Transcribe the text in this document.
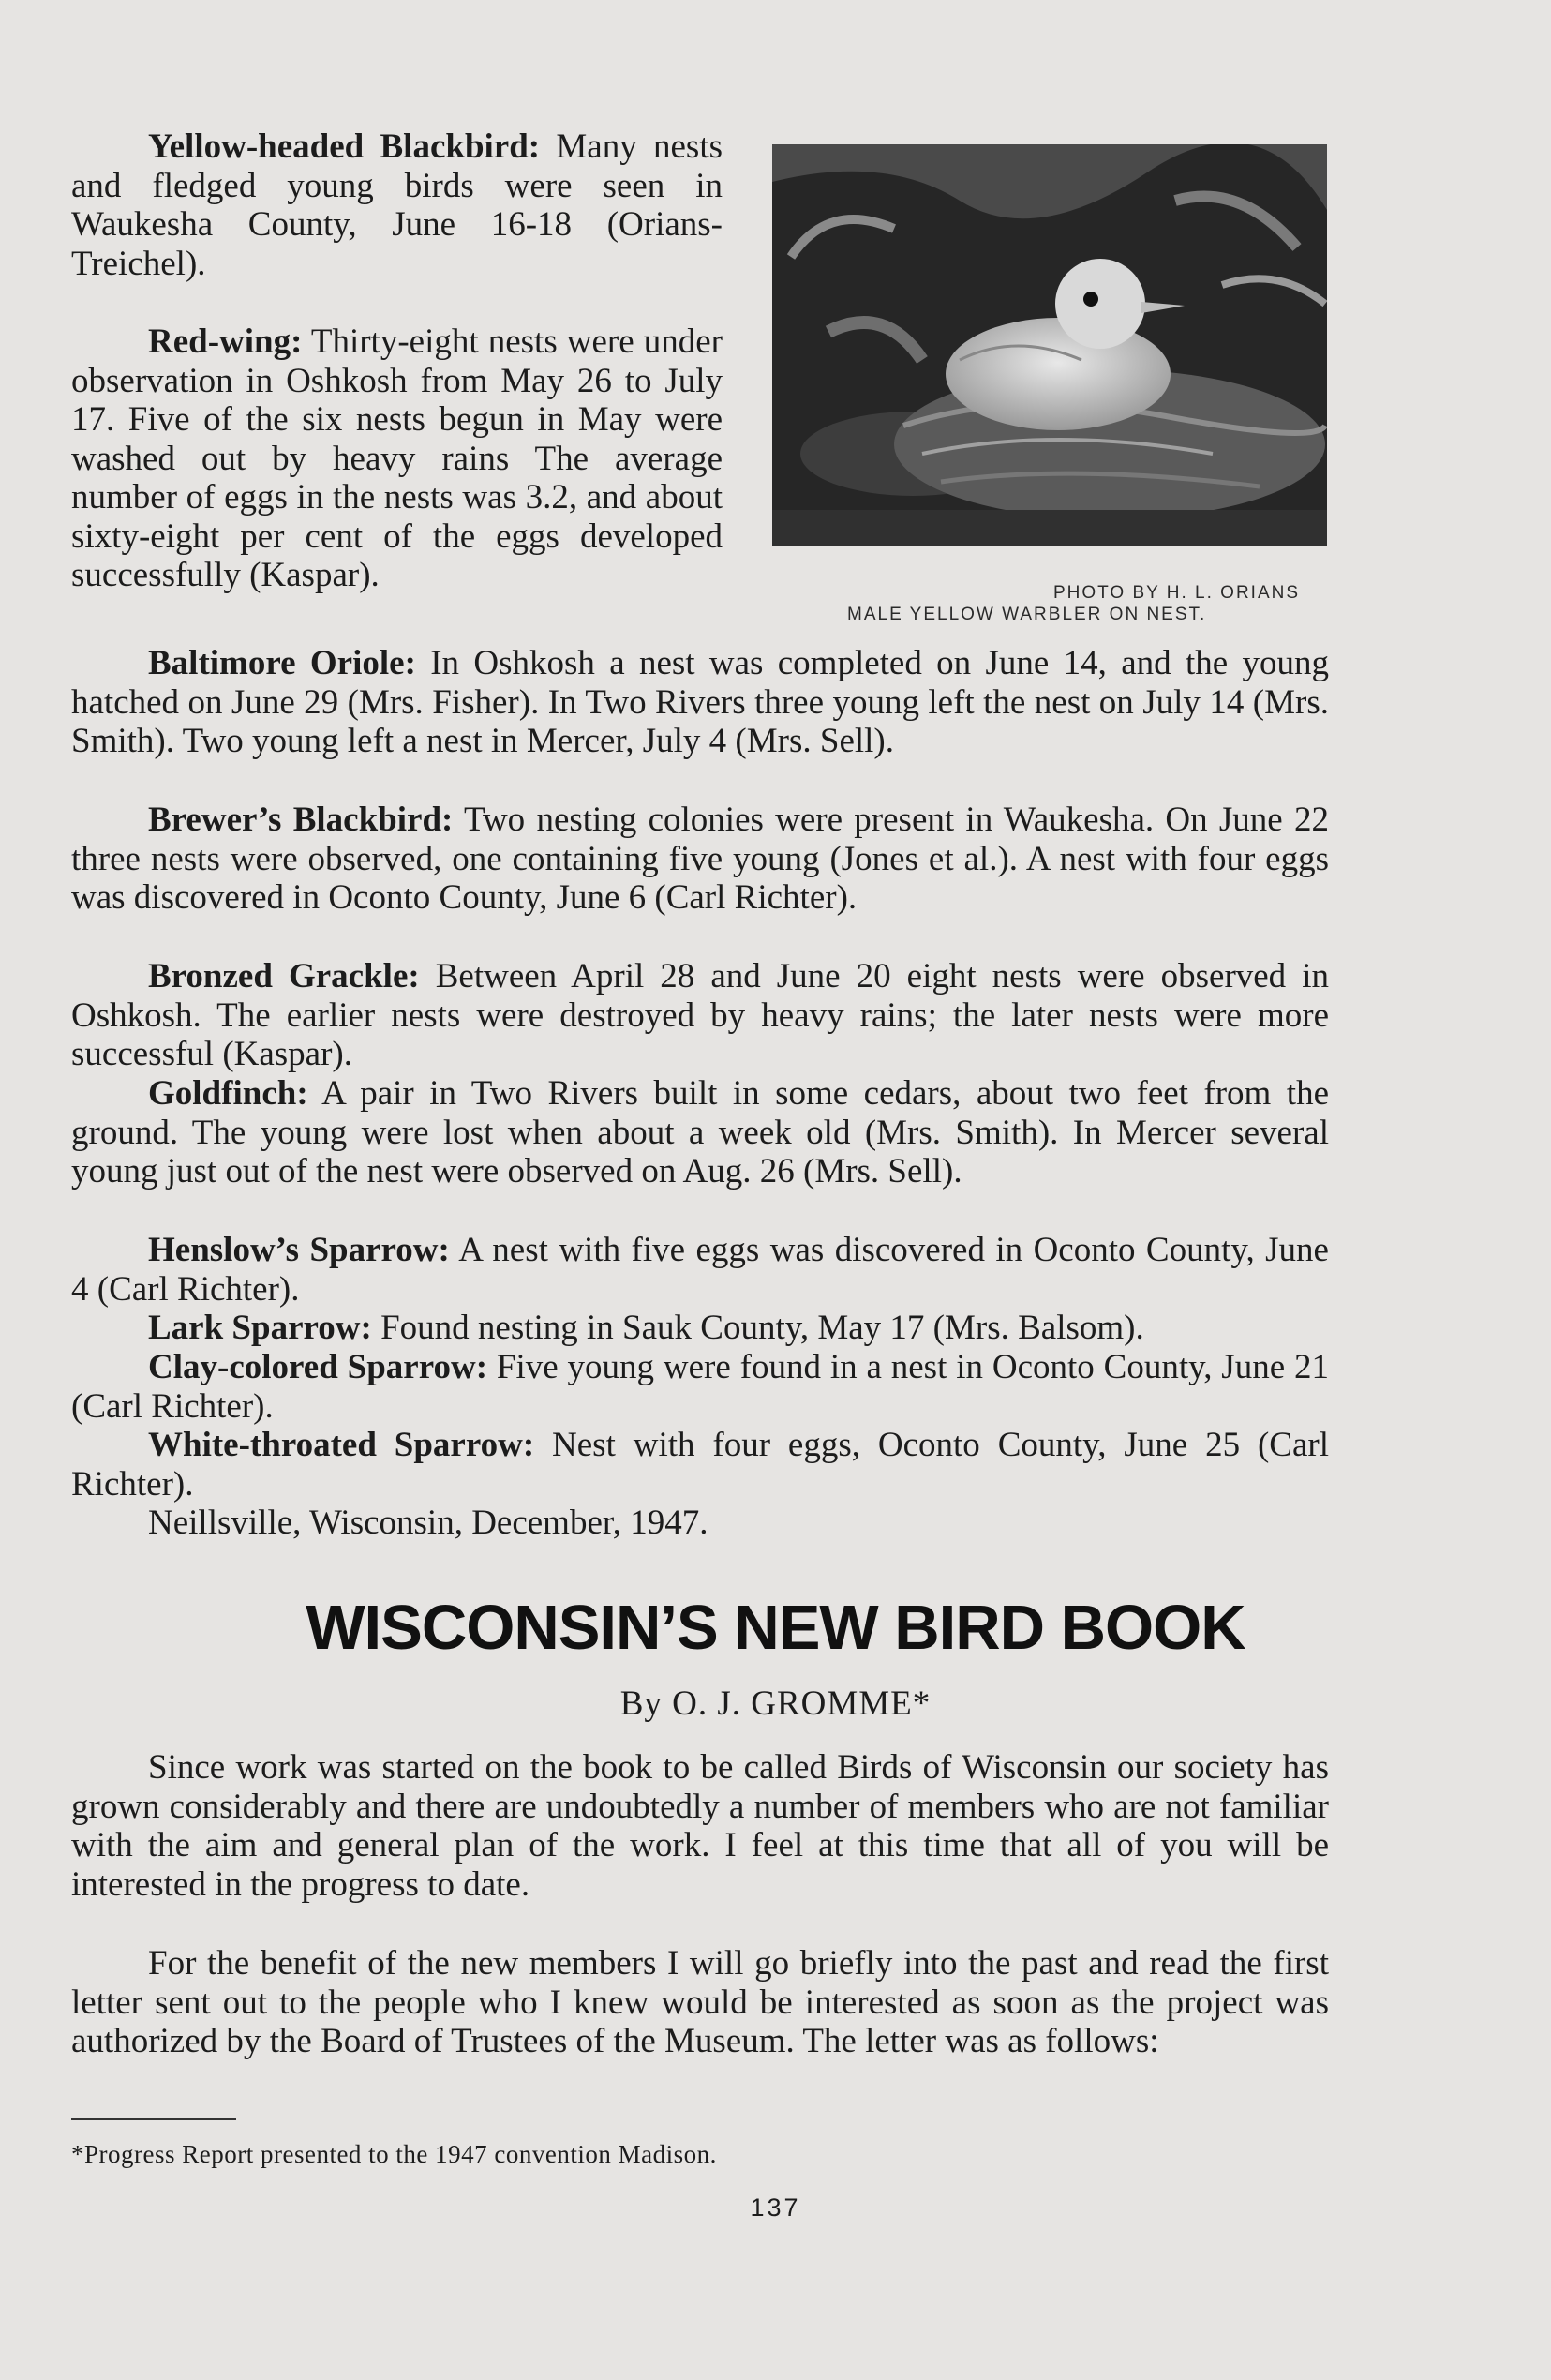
Yellow-headed Blackbird: Many nests and fledged young birds were seen in Waukesha County, June 16-18 (Orians-Treichel).

Red-wing: Thirty-eight nests were under observation in Oshkosh from May 26 to July 17. Five of the six nests begun in May were washed out by heavy rains The average number of eggs in the nests was 3.2, and about sixty-eight per cent of the eggs developed successfully (Kaspar).	PHOTO BY H. L. ORIANS
MALE YELLOW WARBLER ON NEST.

Baltimore Oriole: In Oshkosh a nest was completed on June 14, and the young hatched on June 29 (Mrs. Fisher). In Two Rivers three young left the nest on July 14 (Mrs. Smith). Two young left a nest in Mercer, July 4 (Mrs. Sell).

Brewer’s Blackbird: Two nesting colonies were present in Waukesha. On June 22 three nests were observed, one containing five young (Jones et al.). A nest with four eggs was discovered in Oconto County, June 6 (Carl Richter).

Bronzed Grackle: Between April 28 and June 20 eight nests were observed in Oshkosh. The earlier nests were destroyed by heavy rains; the later nests were more successful (Kaspar).

Goldfinch: A pair in Two Rivers built in some cedars, about two feet from the ground. The young were lost when about a week old (Mrs. Smith). In Mercer several young just out of the nest were observed on Aug. 26 (Mrs. Sell).

Henslow’s Sparrow: A nest with five eggs was discovered in Oconto County, June 4 (Carl Richter).

Lark Sparrow: Found nesting in Sauk County, May 17 (Mrs. Balsom).

Clay-colored Sparrow: Five young were found in a nest in Oconto County, June 21 (Carl Richter).

White-throated Sparrow: Nest with four eggs, Oconto County, June 25 (Carl Richter).

Neillsville, Wisconsin, December, 1947.

WISCONSIN’S NEW BIRD BOOK
By O. J. GROMME*

Since work was started on the book to be called Birds of Wisconsin our society has grown considerably and there are undoubtedly a number of members who are not familiar with the aim and general plan of the work. I feel at this time that all of you will be interested in the progress to date.

For the benefit of the new members I will go briefly into the past and read the first letter sent out to the people who I knew would be interested as soon as the project was authorized by the Board of Trustees of the Museum. The letter was as follows:

*Progress Report presented to the 1947 convention Madison.
137
